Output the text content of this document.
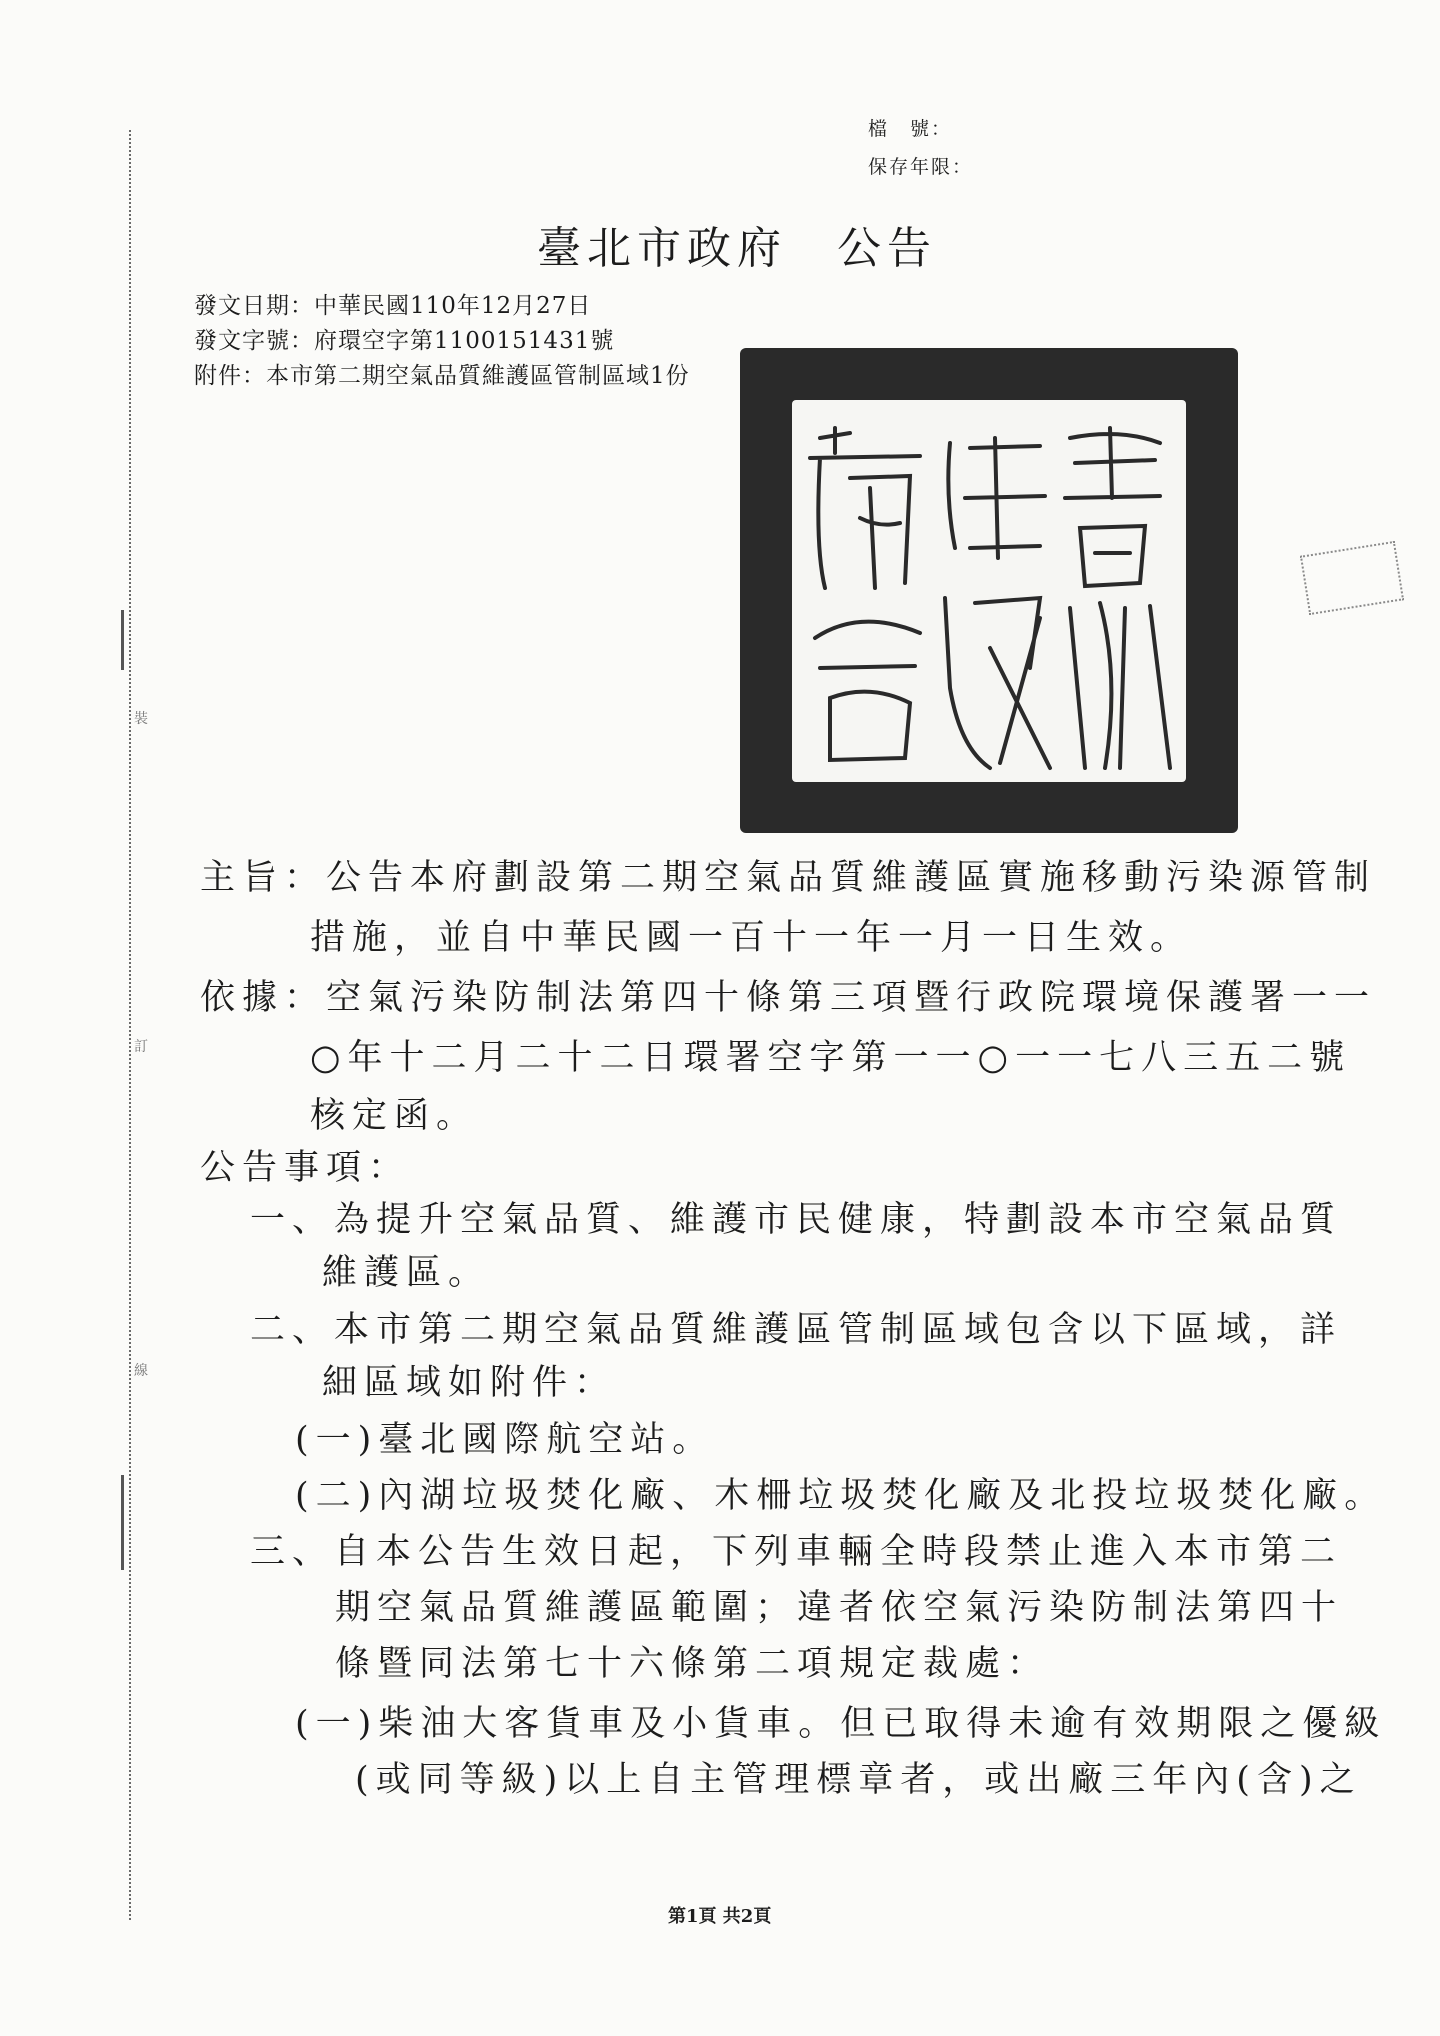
裝
訂
線
檔　號：
保存年限：
臺北市政府 公告
發文日期：中華民國110年12月27日
發文字號：府環空字第1100151431號
附件：本市第二期空氣品質維護區管制區域1份
主旨：公告本府劃設第二期空氣品質維護區實施移動污染源管制
措施，並自中華民國一百十一年一月一日生效。
依據：空氣污染防制法第四十條第三項暨行政院環境保護署一一
○年十二月二十二日環署空字第一一○一一七八三五二號
核定函。
公告事項：
一、為提升空氣品質、維護市民健康，特劃設本市空氣品質
維護區。
二、本市第二期空氣品質維護區管制區域包含以下區域，詳
細區域如附件：
(一)臺北國際航空站。
(二)內湖垃圾焚化廠、木柵垃圾焚化廠及北投垃圾焚化廠。
三、自本公告生效日起，下列車輛全時段禁止進入本市第二
期空氣品質維護區範圍；違者依空氣污染防制法第四十
條暨同法第七十六條第二項規定裁處：
(一)柴油大客貨車及小貨車。但已取得未逾有效期限之優級
(或同等級)以上自主管理標章者，或出廠三年內(含)之
第1頁 共2頁
